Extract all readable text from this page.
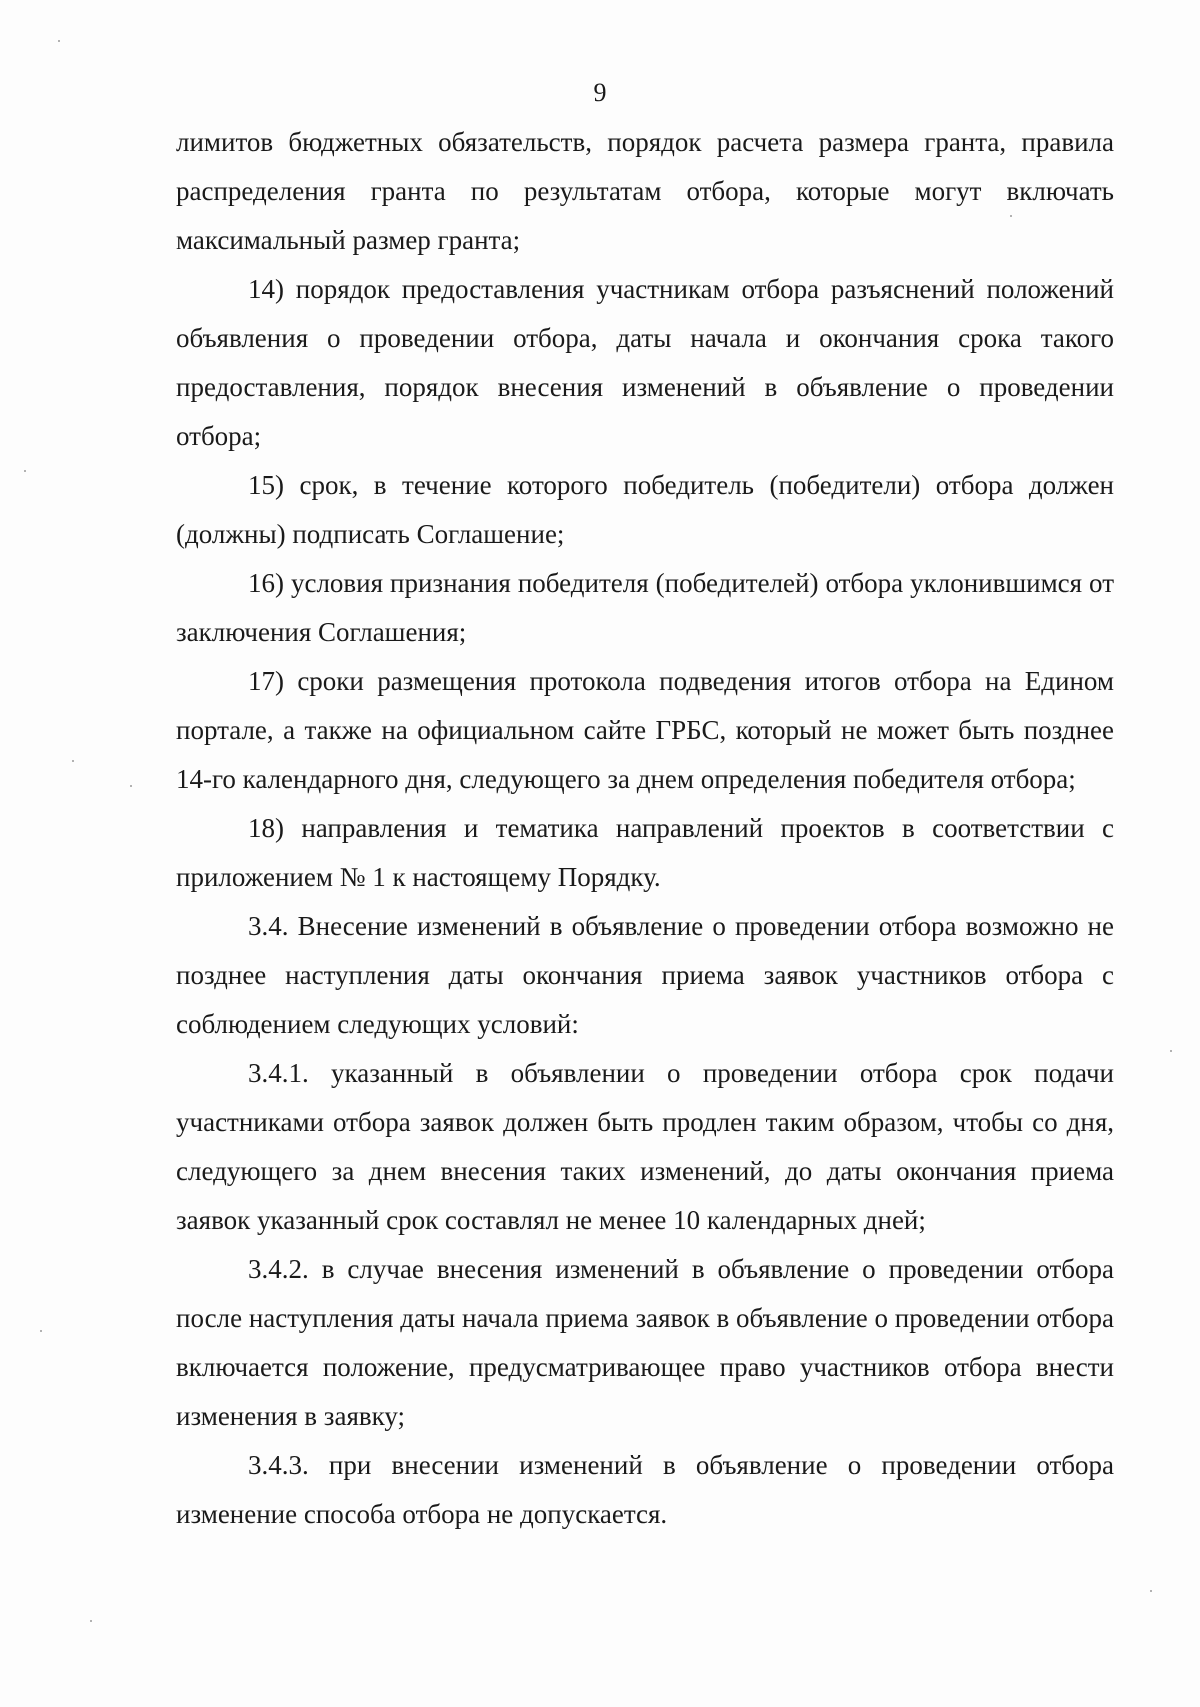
9

лимитов бюджетных обязательств, порядок расчета размера гранта, правила распределения гранта по результатам отбора, которые могут включать максимальный размер гранта;

14) порядок предоставления участникам отбора разъяснений положений объявления о проведении отбора, даты начала и окончания срока такого предоставления, порядок внесения изменений в объявление о проведении отбора;

15) срок, в течение которого победитель (победители) отбора должен (должны) подписать Соглашение;

16) условия признания победителя (победителей) отбора уклонившимся от заключения Соглашения;

17) сроки размещения протокола подведения итогов отбора на Едином портале, а также на официальном сайте ГРБС, который не может быть позднее 14-го календарного дня, следующего за днем определения победителя отбора;

18) направления и тематика направлений проектов в соответствии с приложением № 1 к настоящему Порядку.

3.4. Внесение изменений в объявление о проведении отбора возможно не позднее наступления даты окончания приема заявок участников отбора с соблюдением следующих условий:

3.4.1. указанный в объявлении о проведении отбора срок подачи участниками отбора заявок должен быть продлен таким образом, чтобы со дня, следующего за днем внесения таких изменений, до даты окончания приема заявок указанный срок составлял не менее 10 календарных дней;

3.4.2. в случае внесения изменений в объявление о проведении отбора после наступления даты начала приема заявок в объявление о проведении отбора включается положение, предусматривающее право участников отбора внести изменения в заявку;

3.4.3. при внесении изменений в объявление о проведении отбора изменение способа отбора не допускается.
